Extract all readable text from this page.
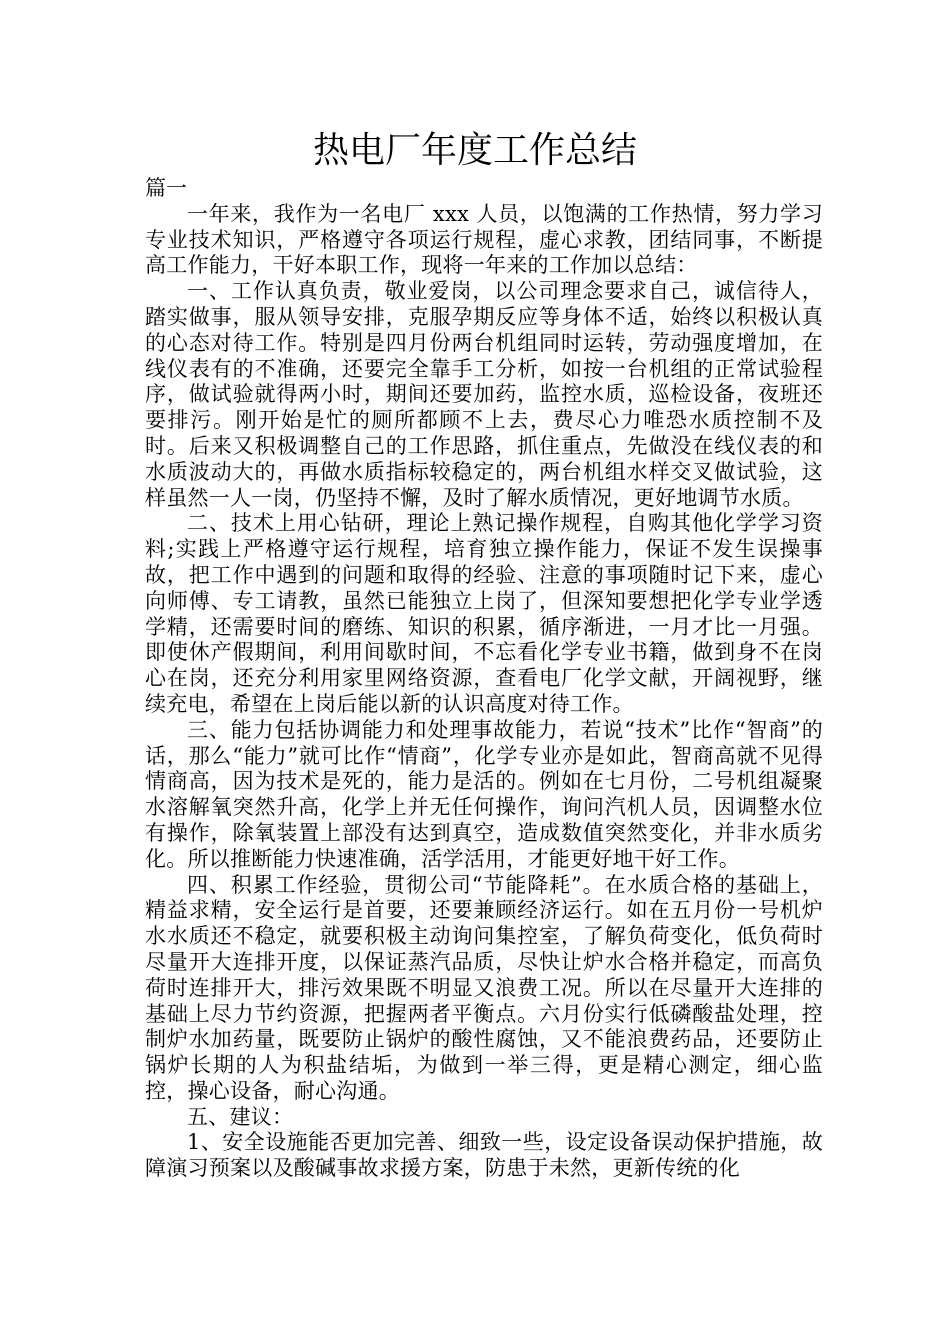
热电厂年度工作总结

篇一

一年来，我作为一名电厂 xxx 人员，以饱满的工作热情，努力学习专业技术知识，严格遵守各项运行规程，虚心求教，团结同事，不断提高工作能力，干好本职工作，现将一年来的工作加以总结：

一、工作认真负责，敬业爱岗，以公司理念要求自己，诚信待人，踏实做事，服从领导安排，克服孕期反应等身体不适，始终以积极认真的心态对待工作。特别是四月份两台机组同时运转，劳动强度增加，在线仪表有的不准确，还要完全靠手工分析，如按一台机组的正常试验程序，做试验就得两小时，期间还要加药，监控水质，巡检设备，夜班还要排污。刚开始是忙的厕所都顾不上去，费尽心力唯恐水质控制不及时。后来又积极调整自己的工作思路，抓住重点，先做没在线仪表的和水质波动大的，再做水质指标较稳定的，两台机组水样交叉做试验，这样虽然一人一岗，仍坚持不懈，及时了解水质情况，更好地调节水质。

二、技术上用心钻研，理论上熟记操作规程，自购其他化学学习资料;实践上严格遵守运行规程，培育独立操作能力，保证不发生误操事故，把工作中遇到的问题和取得的经验、注意的事项随时记下来，虚心向师傅、专工请教，虽然已能独立上岗了，但深知要想把化学专业学透学精，还需要时间的磨练、知识的积累，循序渐进，一月才比一月强。即使休产假期间，利用间歇时间，不忘看化学专业书籍，做到身不在岗心在岗，还充分利用家里网络资源，查看电厂化学文献，开阔视野，继续充电，希望在上岗后能以新的认识高度对待工作。

三、能力包括协调能力和处理事故能力，若说“技术”比作“智商”的话，那么“能力”就可比作“情商”，化学专业亦是如此，智商高就不见得情商高，因为技术是死的，能力是活的。例如在七月份，二号机组凝聚水溶解氧突然升高，化学上并无任何操作，询问汽机人员，因调整水位有操作，除氧装置上部没有达到真空，造成数值突然变化，并非水质劣化。所以推断能力快速准确，活学活用，才能更好地干好工作。

四、积累工作经验，贯彻公司“节能降耗”。在水质合格的基础上，精益求精，安全运行是首要，还要兼顾经济运行。如在五月份一号机炉水水质还不稳定，就要积极主动询问集控室，了解负荷变化，低负荷时尽量开大连排开度，以保证蒸汽品质，尽快让炉水合格并稳定，而高负荷时连排开大，排污效果既不明显又浪费工况。所以在尽量开大连排的基础上尽力节约资源，把握两者平衡点。六月份实行低磷酸盐处理，控制炉水加药量，既要防止锅炉的酸性腐蚀，又不能浪费药品，还要防止锅炉长期的人为积盐结垢，为做到一举三得，更是精心测定，细心监控，操心设备，耐心沟通。

五、建议：

1、安全设施能否更加完善、细致一些，设定设备误动保护措施，故障演习预案以及酸碱事故求援方案，防患于未然，更新传统的化
